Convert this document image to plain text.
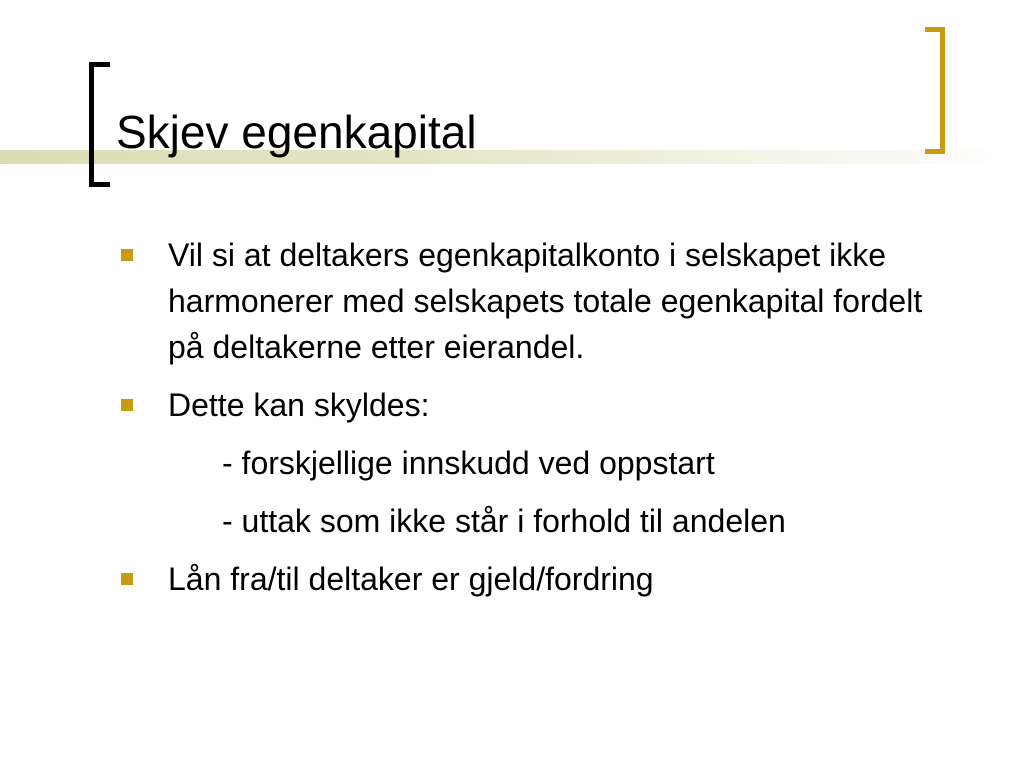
Skjev egenkapital
Vil si at deltakers egenkapitalkonto i selskapet ikke harmonerer med selskapets totale egenkapital fordelt på deltakerne etter eierandel.
Dette kan skyldes:
- forskjellige innskudd ved oppstart
- uttak som ikke står i forhold til andelen
Lån fra/til deltaker er gjeld/fordring
